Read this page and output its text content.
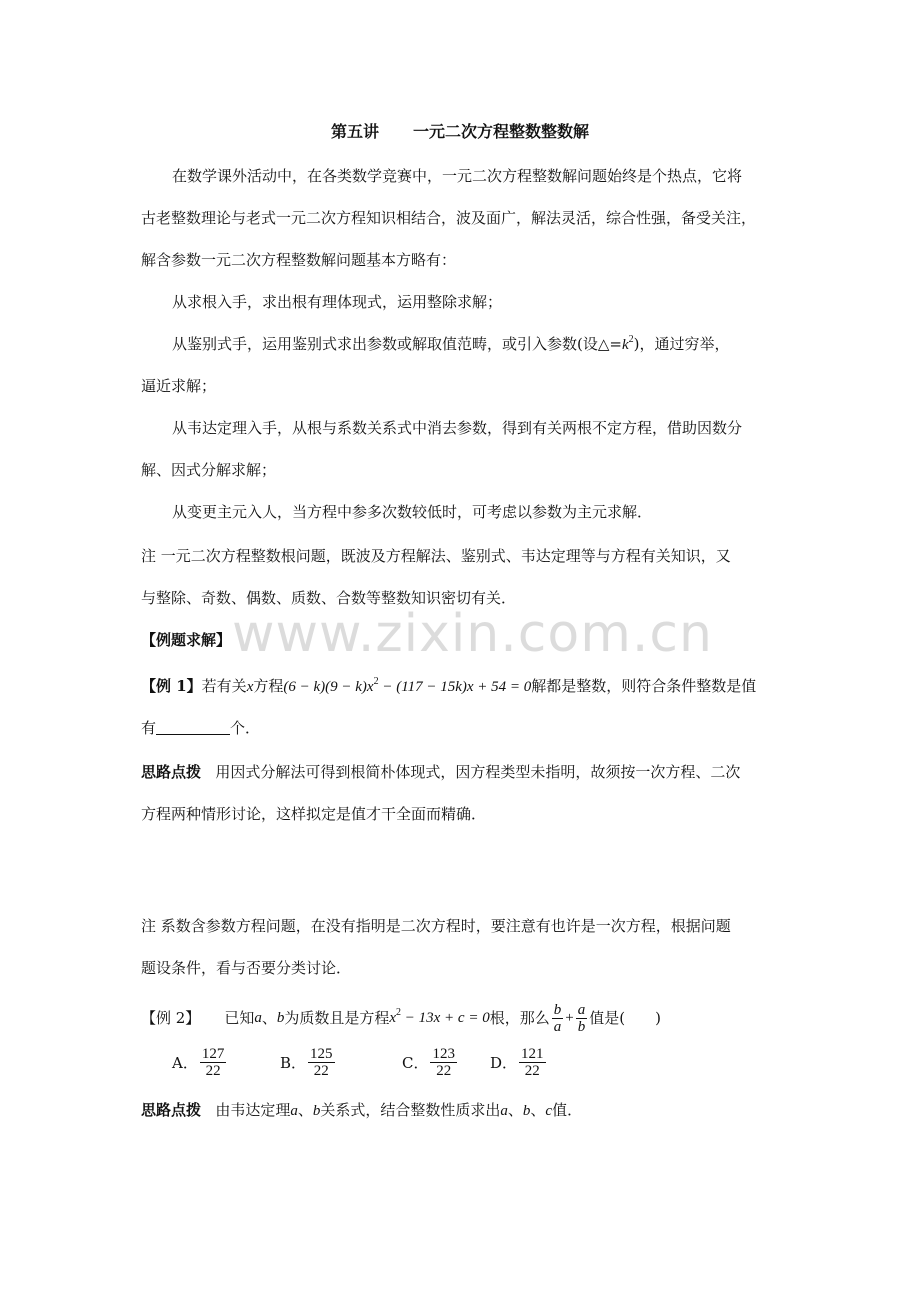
第五讲 一元二次方程整数整数解
在数学课外活动中，在各类数学竞赛中，一元二次方程整数解问题始终是个热点，它将
古老整数理论与老式一元二次方程知识相结合，波及面广，解法灵活，综合性强，备受关注，
解含参数一元二次方程整数解问题基本方略有：
从求根入手，求出根有理体现式，运用整除求解；
从鉴别式手，运用鉴别式求出参数或解取值范畴，或引入参数(设$\triangle=k^2$)，通过穷举，
逼近求解；
从韦达定理入手，从根与系数关系式中消去参数，得到有关两根不定方程，借助因数分
解、因式分解求解；
从变更主元入人，当方程中参多次数较低时，可考虑以参数为主元求解．
注 一元二次方程整数根问题，既波及方程解法、鉴别式、韦达定理等与方程有关知识，又
与整除、奇数、偶数、质数、合数等整数知识密切有关．
www.zixin.com.cn
【例题求解】
【例 1】若有关x方程$(6 - k)(9 - k)x^2 - (117 - 15k)x + 54 = 0$解都是整数，则符合条件整数是值
有	个．
思路点拨 用因式分解法可得到根简朴体现式，因方程类型未指明，故须按一次方程、二次
方程两种情形讨论，这样拟定是值才干全面而精确．
注 系数含参数方程问题，在没有指明是二次方程时，要注意有也许是一次方程，根据问题
题设条件，看与否要分类讨论．
【例 2】 已知 a 、 b 为质数且是方程 $x^2 - 13x + c = 0$ 根，那么 $\frac{b}{a} + \frac{a}{b}$ 值是( )
A． $\frac{127}{22}$	B． $\frac{125}{22}$	C． $\frac{123}{22}$ D． $\frac{121}{22}$
思路点拨 由韦达定理a、b关系式，结合整数性质求出a、b、c值．
